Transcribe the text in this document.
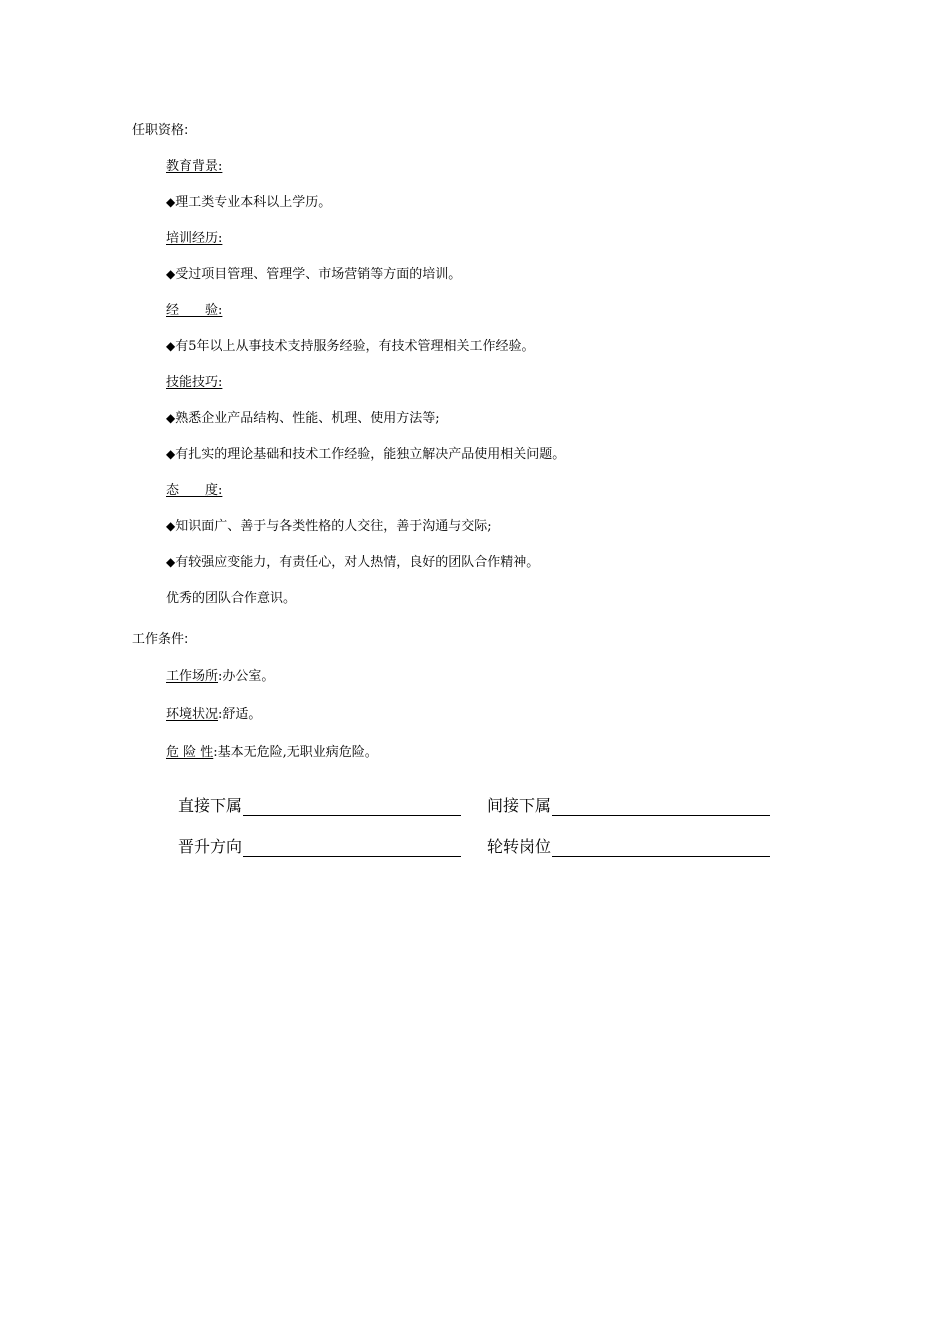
任职资格:
教育背景:
◆理工类专业本科以上学历。
培训经历:
◆受过项目管理、管理学、市场营销等方面的培训。
经　　验:
◆有5年以上从事技术支持服务经验，有技术管理相关工作经验。
技能技巧:
◆熟悉企业产品结构、性能、机理、使用方法等;
◆有扎实的理论基础和技术工作经验，能独立解决产品使用相关问题。
态　　度:
◆知识面广、善于与各类性格的人交往，善于沟通与交际;
◆有较强应变能力，有责任心，对人热情，良好的团队合作精神。
优秀的团队合作意识。
工作条件:
工作场所:办公室。
环境状况:舒适。
危 险 性:基本无危险,无职业病危险。
直接下属	间接下属
晋升方向	轮转岗位
